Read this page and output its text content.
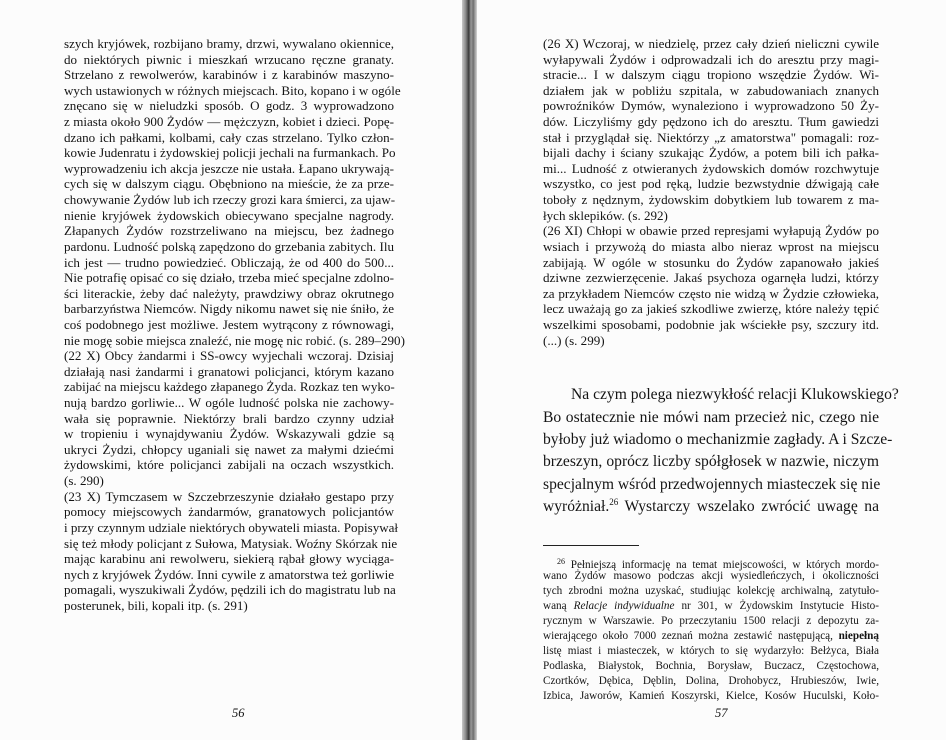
szych kryjówek, rozbijano bramy, drzwi, wywalano okiennice,
do niektórych piwnic i mieszkań wrzucano ręczne granaty.
Strzelano z rewolwerów, karabinów i z karabinów maszyno-
wych ustawionych w różnych miejscach. Bito, kopano i w ogóle
znęcano się w nieludzki sposób. O godz. 3 wyprowadzono
z miasta około 900 Żydów — mężczyzn, kobiet i dzieci. Popę-
dzano ich pałkami, kolbami, cały czas strzelano. Tylko człon-
kowie Judenratu i żydowskiej policji jechali na furmankach. Po
wyprowadzeniu ich akcja jeszcze nie ustała. Łapano ukrywają-
cych się w dalszym ciągu. Obębniono na mieście, że za prze-
chowywanie Żydów lub ich rzeczy grozi kara śmierci, za ujaw-
nienie kryjówek żydowskich obiecywano specjalne nagrody.
Złapanych Żydów rozstrzeliwano na miejscu, bez żadnego
pardonu. Ludność polską zapędzono do grzebania zabitych. Ilu
ich jest — trudno powiedzieć. Obliczają, że od 400 do 500...
Nie potrafię opisać co się działo, trzeba mieć specjalne zdolno-
ści literackie, żeby dać należyty, prawdziwy obraz okrutnego
barbarzyństwa Niemców. Nigdy nikomu nawet się nie śniło, że
coś podobnego jest możliwe. Jestem wytrącony z równowagi,
nie mogę sobie miejsca znaleźć, nie mogę nic robić. (s. 289–290)
(22 X) Obcy żandarmi i SS-owcy wyjechali wczoraj. Dzisiaj
działają nasi żandarmi i granatowi policjanci, którym kazano
zabijać na miejscu każdego złapanego Żyda. Rozkaz ten wyko-
nują bardzo gorliwie... W ogóle ludność polska nie zachowy-
wała się poprawnie. Niektórzy brali bardzo czynny udział
w tropieniu i wynajdywaniu Żydów. Wskazywali gdzie są
ukryci Żydzi, chłopcy uganiali się nawet za małymi dziećmi
żydowskimi, które policjanci zabijali na oczach wszystkich.
(s. 290)
(23 X) Tymczasem w Szczebrzeszynie działało gestapo przy
pomocy miejscowych żandarmów, granatowych policjantów
i przy czynnym udziale niektórych obywateli miasta. Popisywał
się też młody policjant z Sułowa, Matysiak. Woźny Skórzak nie
mając karabinu ani rewolweru, siekierą rąbał głowy wyciąga-
nych z kryjówek Żydów. Inni cywile z amatorstwa też gorliwie
pomagali, wyszukiwali Żydów, pędzili ich do magistratu lub na
posterunek, bili, kopali itp. (s. 291)
56
(26 X) Wczoraj, w niedzielę, przez cały dzień nieliczni cywile
wyłapywali Żydów i odprowadzali ich do aresztu przy magi-
stracie... I w dalszym ciągu tropiono wszędzie Żydów. Wi-
działem jak w pobliżu szpitala, w zabudowaniach znanych
powroźników Dymów, wynaleziono i wyprowadzono 50 Ży-
dów. Liczyliśmy gdy pędzono ich do aresztu. Tłum gawiedzi
stał i przyglądał się. Niektórzy „z amatorstwa" pomagali: roz-
bijali dachy i ściany szukając Żydów, a potem bili ich pałka-
mi... Ludność z otwieranych żydowskich domów rozchwytuje
wszystko, co jest pod ręką, ludzie bezwstydnie dźwigają całe
toboły z nędznym, żydowskim dobytkiem lub towarem z ma-
łych sklepików. (s. 292)
(26 XI) Chłopi w obawie przed represjami wyłapują Żydów po
wsiach i przywożą do miasta albo nieraz wprost na miejscu
zabijają. W ogóle w stosunku do Żydów zapanowało jakieś
dziwne zezwierzęcenie. Jakaś psychoza ogarnęła ludzi, którzy
za przykładem Niemców często nie widzą w Żydzie człowieka,
lecz uważają go za jakieś szkodliwe zwierzę, które należy tępić
wszelkimi sposobami, podobnie jak wściekłe psy, szczury itd.
(...) (s. 299)
Na czym polega niezwykłość relacji Klukowskiego?
Bo ostatecznie nie mówi nam przecież nic, czego nie
byłoby już wiadomo o mechanizmie zagłady. A i Szcze-
brzeszyn, oprócz liczby spółgłosek w nazwie, niczym
specjalnym wśród przedwojennych miasteczek się nie
wyróżniał.$^{26}$ Wystarczy wszelako zwrócić uwagę na
$^{26}$ Pełniejszą informację na temat miejscowości, w których mordo-
wano Żydów masowo podczas akcji wysiedleńczych, i okoliczności
tych zbrodni można uzyskać, studiując kolekcję archiwalną, zatytuło-
waną Relacje indywidualne nr 301, w Żydowskim Instytucie Histo-
rycznym w Warszawie. Po przeczytaniu 1500 relacji z depozytu za-
wierającego około 7000 zeznań można zestawić następującą, niepełną
listę miast i miasteczek, w których to się wydarzyło: Bełżyca, Biała
Podlaska, Białystok, Bochnia, Borysław, Buczacz, Częstochowa,
Czortków, Dębica, Dęblin, Dolina, Drohobycz, Hrubieszów, Iwie,
Izbica, Jaworów, Kamień Koszyrski, Kielce, Kosów Huculski, Koło-
57
